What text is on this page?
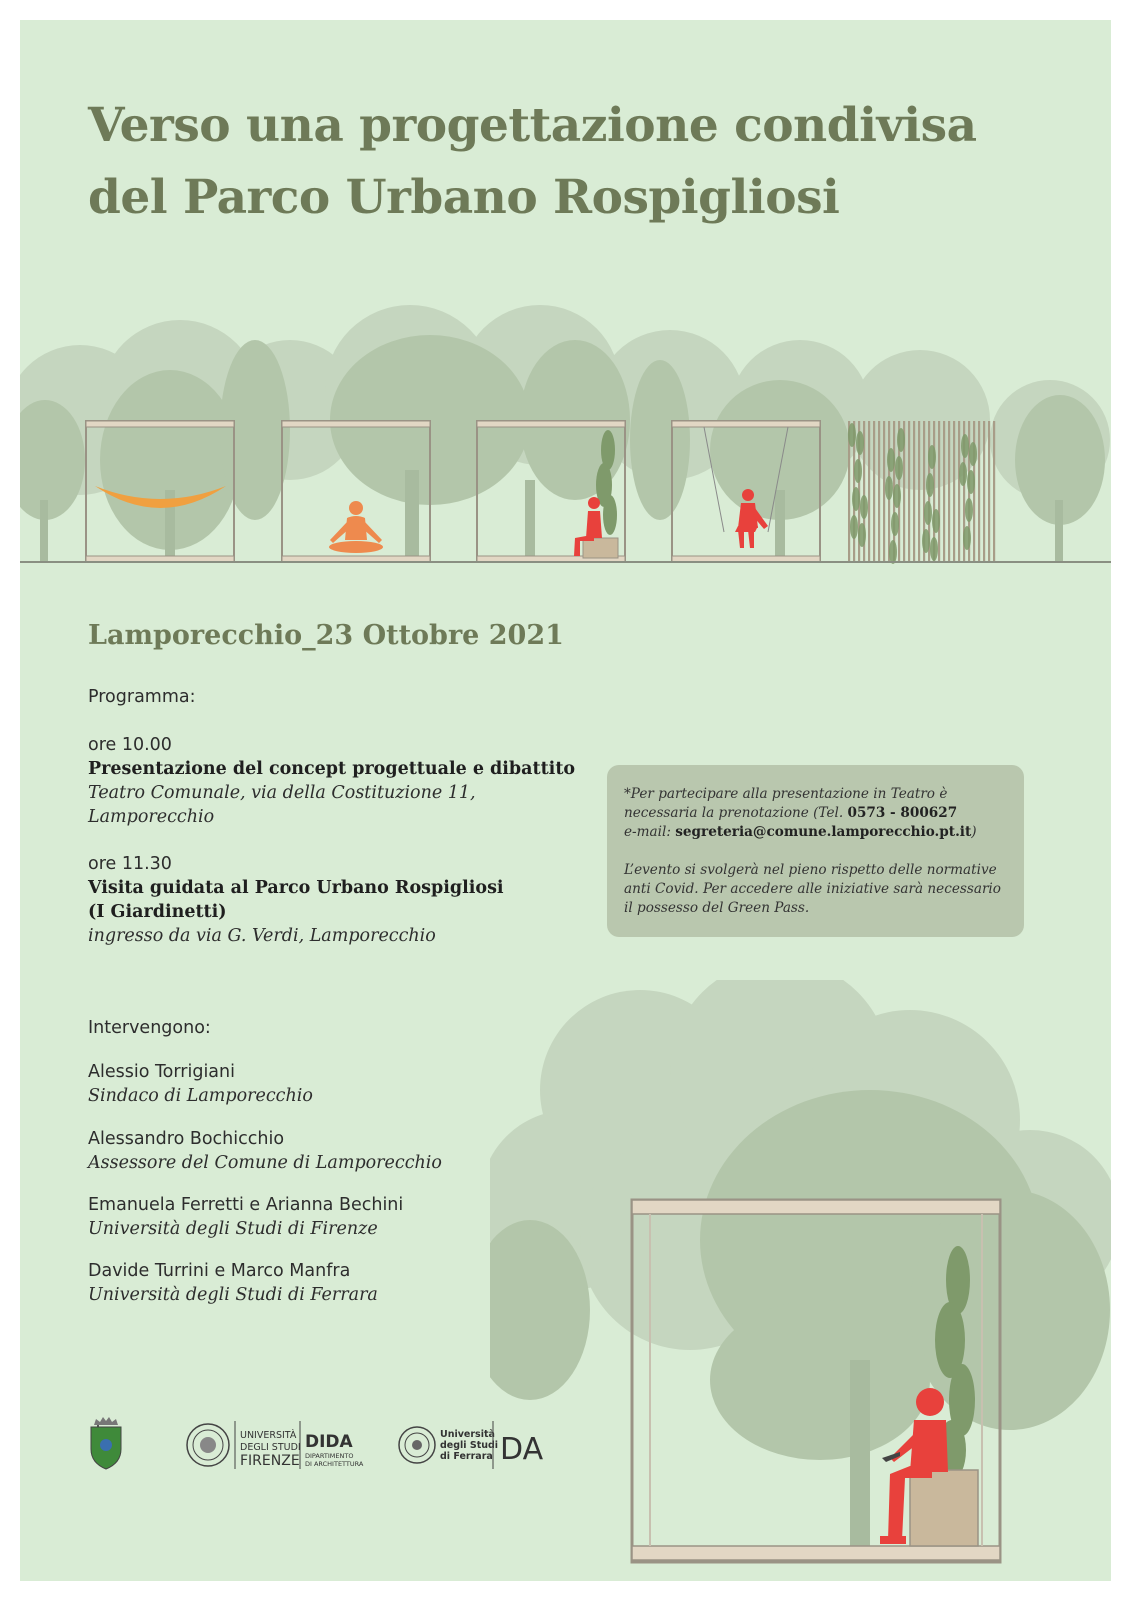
Verso una progettazione condivisa
del Parco Urbano Rospigliosi
Lamporecchio_23 Ottobre 2021
Programma:
ore 10.00
Presentazione del concept progettuale e dibattito
Teatro Comunale, via della Costituzione 11,
Lamporecchio
ore 11.30
Visita guidata al Parco Urbano Rospigliosi
(I Giardinetti)
ingresso da via G. Verdi, Lamporecchio
*Per partecipare alla presentazione in Teatro è
necessaria la prenotazione (Tel. 0573 - 800627
e-mail: segreteria@comune.lamporecchio.pt.it)
L’evento si svolgerà nel pieno rispetto delle normative
anti Covid. Per accedere alle iniziative sarà necessario
il possesso del Green Pass.
UNIVERSITÀ
DEGLI STUDI
FIRENZE
DIDA
DIPARTIMENTO
DI ARCHITETTURA
Università
degli Studi
di Ferrara DA
Intervengono:
Alessio Torrigiani
Sindaco di Lamporecchio
Alessandro Bochicchio
Assessore del Comune di Lamporecchio
Emanuela Ferretti e Arianna Bechini
Università degli Studi di Firenze
Davide Turrini e Marco Manfra
Università degli Studi di Ferrara
